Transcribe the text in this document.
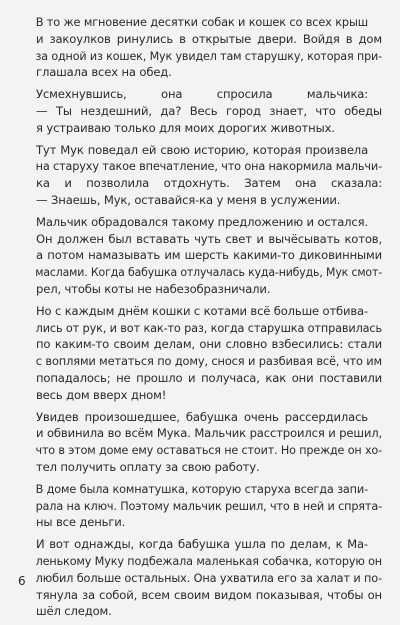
В то же мгновение десятки собак и кошек со всех крыш
и закоулков ринулись в открытые двери. Войдя в дом
за одной из кошек, Мук увидел там старушку, которая при-
глашала всех на обед.

Усмехнувшись, она спросила мальчика:
— Ты нездешний, да? Весь город знает, что обеды
я устраиваю только для моих дорогих животных.

Тут Мук поведал ей свою историю, которая произвела
на старуху такое впечатление, что она накормила мальчи-
ка и позволила отдохнуть. Затем она сказала:
— Знаешь, Мук, оставайся-ка у меня в услужении.

Мальчик обрадовался такому предложению и остался.
Он должен был вставать чуть свет и вычёсывать котов,
а потом намазывать им шерсть какими-то диковинными
маслами. Когда бабушка отлучалась куда-нибудь, Мук смот-
рел, чтобы коты не набезобразничали.

Но с каждым днём кошки с котами всё больше отбива-
лись от рук, и вот как-то раз, когда старушка отправилась
по каким-то своим делам, они словно взбесились: стали
с воплями метаться по дому, снося и разбивая всё, что им
попадалось; не прошло и получаса, как они поставили
весь дом вверх дном!

Увидев произошедшее, бабушка очень рассердилась
и обвинила во всём Мука. Мальчик расстроился и решил,
что в этом доме ему оставаться не стоит. Но прежде он хо-
тел получить оплату за свою работу.

В доме была комнатушка, которую старуха всегда запи-
рала на ключ. Поэтому мальчик решил, что в ней и спрята-
ны все деньги.

И вот однажды, когда бабушка ушла по делам, к Ма-
ленькому Муку подбежала маленькая собачка, которую он
любил больше остальных. Она ухватила его за халат и по-
тянула за собой, всем своим видом показывая, чтобы он
шёл следом.

6
